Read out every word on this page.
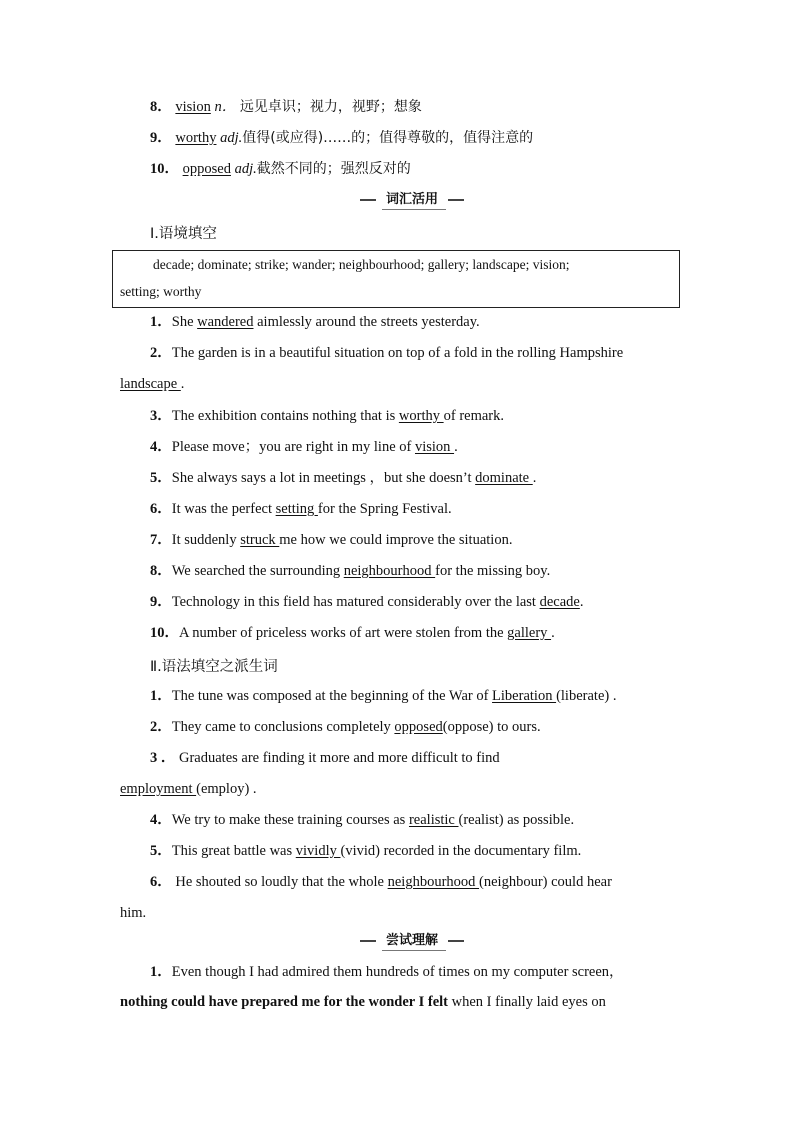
8． vision n． 远见卓识；视力，视野；想象
9． worthy adj.值得(或应得)……的；值得尊敬的，值得注意的
10． opposed adj.截然不同的；强烈反对的
词汇活用
Ⅰ.语境填空
decade; dominate; strike; wander; neighbourhood; gallery; landscape; vision;
setting; worthy
1．She wandered aimlessly around the streets yesterday.
2．The garden is in a beautiful situation on top of a fold in the rolling Hampshire
landscape .
3．The exhibition contains nothing that is worthy of remark.
4．Please move；you are right in my line of vision .
5．She always says a lot in meetings ，but she doesn’t dominate .
6．It was the perfect setting for the Spring Festival.
7．It suddenly struck me how we could improve the situation.
8．We searched the surrounding neighbourhood for the missing boy.
9．Technology in this field has matured considerably over the last decade.
10．A number of priceless works of art were stolen from the gallery .
Ⅱ.语法填空之派生词
1．The tune was composed at the beginning of the War of Liberation (liberate) .
2．They came to conclusions completely opposed(oppose) to ours.
3 ． Graduates are finding it more and more difficult to find
employment (employ) .
4．We try to make these training courses as realistic (realist) as possible.
5．This great battle was vividly (vivid) recorded in the documentary film.
6． He shouted so loudly that the whole neighbourhood (neighbour) could hear
him.
尝试理解
1．Even though I had admired them hundreds of times on my computer screen，
nothing could have prepared me for the wonder I felt when I finally laid eyes on
